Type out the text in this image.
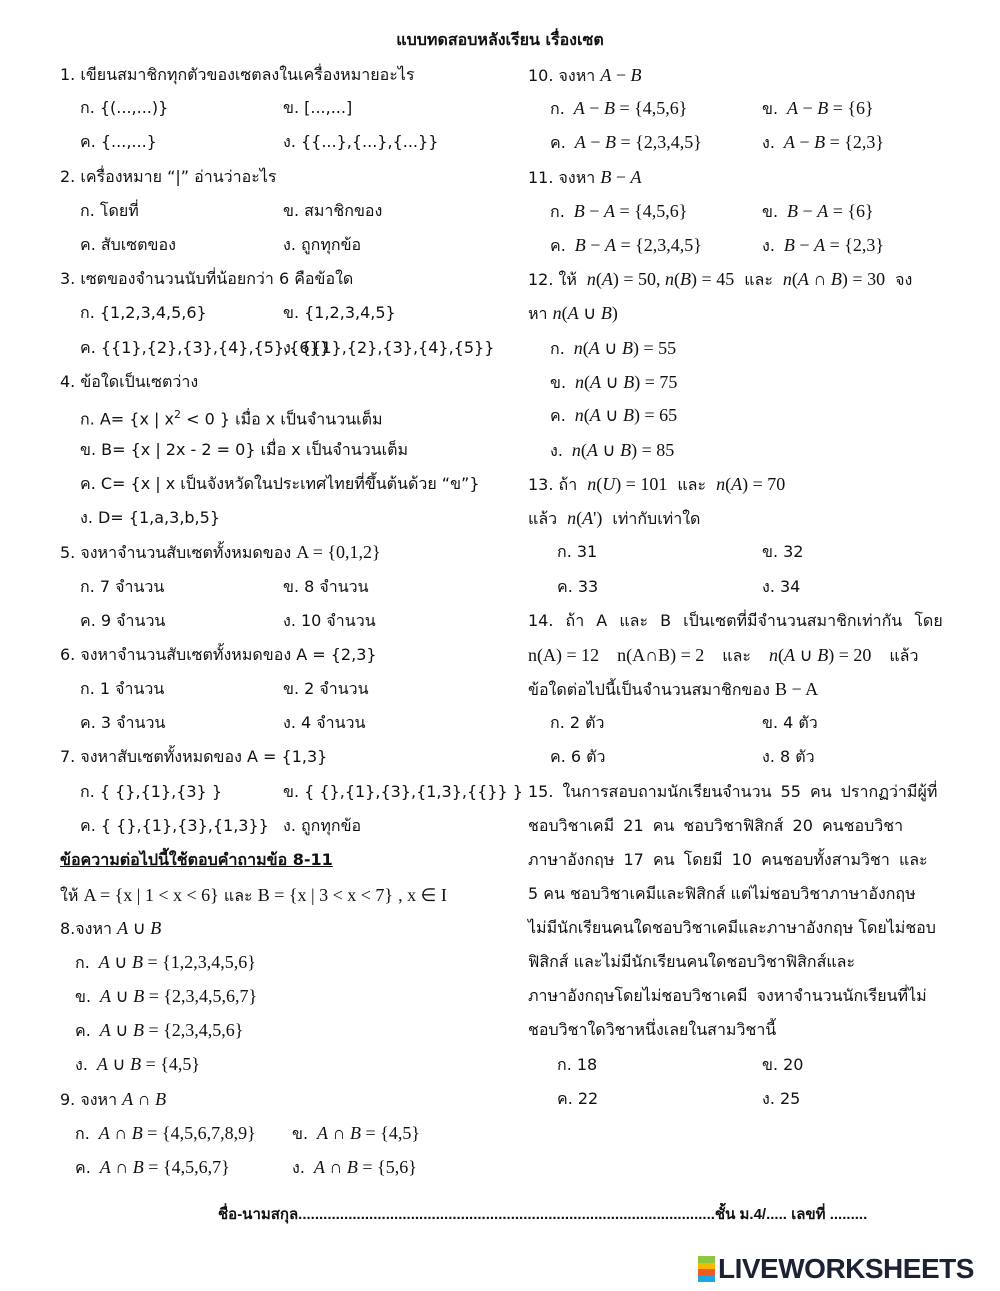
แบบทดสอบหลังเรียน เรื่องเซต
1. เขียนสมาชิกทุกตัวของเซตลงในเครื่องหมายอะไร
ก. {(...,...)}	ข. [...,...]
ค. {...,...}	ง. {{...},{...},{...}}
2. เครื่องหมาย “|” อ่านว่าอะไร
ก. โดยที่	ข. สมาชิกของ
ค. สับเซตของ	ง. ถูกทุกข้อ
3. เซตของจำนวนนับที่น้อยกว่า 6 คือข้อใด
ก. {1,2,3,4,5,6}	ข. {1,2,3,4,5}
ค. {{1},{2},{3},{4},{5},{6}}
ง. {{1},{2},{3},{4},{5}}
4. ข้อใดเป็นเซตว่าง
ก. A= {x | $x^2 < 0$ } เมื่อ x เป็นจำนวนเต็ม
ข. B= {x | 2x - 2 = 0} เมื่อ x เป็นจำนวนเต็ม
ค. C= {x | x เป็นจังหวัดในประเทศไทยที่ขึ้นต้นด้วย “ข”}
ง. D= {1,a,3,b,5}
5. จงหาจำนวนสับเซตทั้งหมดของ A = {0,1,2}
ก. 7 จำนวน	ข. 8 จำนวน
ค. 9 จำนวน	ง. 10 จำนวน
6. จงหาจำนวนสับเซตทั้งหมดของ A = {2,3}
ก. 1 จำนวน	ข. 2 จำนวน
ค. 3 จำนวน	ง. 4 จำนวน
7. จงหาสับเซตทั้งหมดของ A = {1,3}
ก. { {},{1},{3} }	ข. { {},{1},{3},{1,3},{{}} }
ค. { {},{1},{3},{1,3}} ง. ถูกทุกข้อ
ข้อความต่อไปนี้ใช้ตอบคำถามข้อ 8-11
ให้ A = {x | 1 < x < 6} และ B = {x | 3 < x < 7} , x ∈ I
8.จงหา A ∪ B
ก. A ∪ B = {1,2,3,4,5,6}
ข. A ∪ B = {2,3,4,5,6,7}
ค. A ∪ B = {2,3,4,5,6}
ง. A ∪ B = {4,5}
9. จงหา A ∩ B
ก. A ∩ B = {4,5,6,7,8,9} ข. A ∩ B = {4,5}
ค. A ∩ B = {4,5,6,7}	ง. A ∩ B = {5,6}
10. จงหา A − B
ก. A − B = {4,5,6}	ข. A − B = {6}
ค. A − B = {2,3,4,5}	ง. A − B = {2,3}
11. จงหา B − A
ก. B − A = {4,5,6}	ข. B − A = {6}
ค. B − A = {2,3,4,5}	ง. B − A = {2,3}
12. ให้ n(A) = 50, n(B) = 45 และ n(A ∩ B) = 30 จง
หา n(A ∪ B)
ก. n(A ∪ B) = 55
ข. n(A ∪ B) = 75
ค. n(A ∪ B) = 65
ง. n(A ∪ B) = 85
13. ถ้า n(U) = 101 และ n(A) = 70
แล้ว n(A') เท่ากับเท่าใด
ก. 31	ข. 32
ค. 33	ง. 34
14. ถ้า A และ B เป็นเซตที่มีจำนวนสมาชิกเท่ากัน โดย
n(A) = 12 n(A∩B) = 2 และ n(A ∪ B) = 20 แล้ว
ข้อใดต่อไปนี้เป็นจำนวนสมาชิกของ B − A
ก. 2 ตัว	ข. 4 ตัว
ค. 6 ตัว	ง. 8 ตัว
15. ในการสอบถามนักเรียนจำนวน 55 คน ปรากฏว่ามีผู้ที่
ชอบวิชาเคมี 21 คน ชอบวิชาฟิสิกส์ 20 คนชอบวิชา
ภาษาอังกฤษ 17 คน โดยมี 10 คนชอบทั้งสามวิชา และ
5 คน ชอบวิชาเคมีและฟิสิกส์ แต่ไม่ชอบวิชาภาษาอังกฤษ
ไม่มีนักเรียนคนใดชอบวิชาเคมีและภาษาอังกฤษ โดยไม่ชอบ
ฟิสิกส์ และไม่มีนักเรียนคนใดชอบวิชาฟิสิกส์และ
ภาษาอังกฤษโดยไม่ชอบวิชาเคมี จงหาจำนวนนักเรียนที่ไม่
ชอบวิชาใดวิชาหนึ่งเลยในสามวิชานี้
ก. 18	ข. 20
ค. 22	ง. 25
ชื่อ-นามสกุล....................................................................................................ชั้น ม.4/..... เลขที่ .........
LIVEWORKSHEETS
